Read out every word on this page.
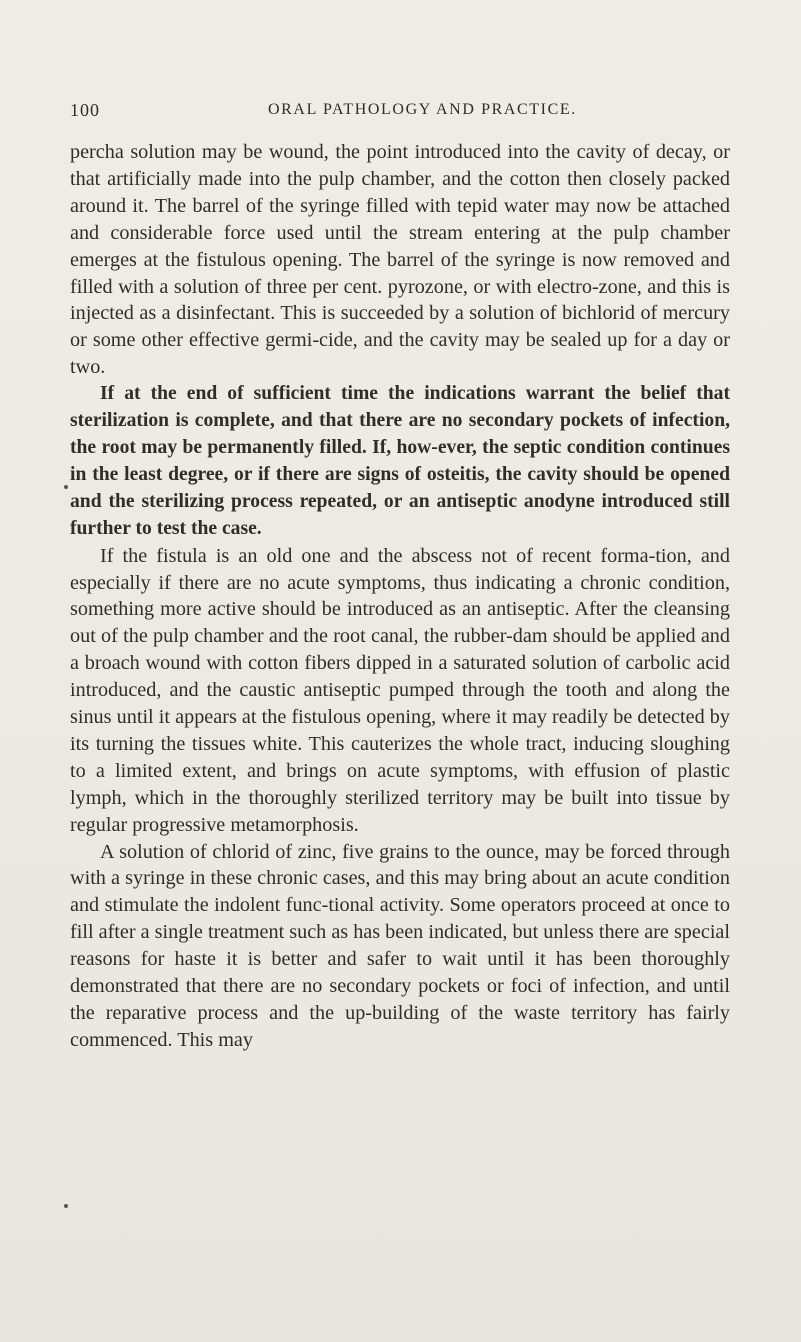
100	ORAL PATHOLOGY AND PRACTICE.

percha solution may be wound, the point introduced into the cavity of decay, or that artificially made into the pulp chamber, and the cotton then closely packed around it. The barrel of the syringe filled with tepid water may now be attached and considerable force used until the stream entering at the pulp chamber emerges at the fistulous opening. The barrel of the syringe is now removed and filled with a solution of three per cent. pyrozone, or with electro-zone, and this is injected as a disinfectant. This is succeeded by a solution of bichlorid of mercury or some other effective germi-cide, and the cavity may be sealed up for a day or two.

If at the end of sufficient time the indications warrant the belief that sterilization is complete, and that there are no secondary pockets of infection, the root may be permanently filled. If, how-ever, the septic condition continues in the least degree, or if there are signs of osteitis, the cavity should be opened and the sterilizing process repeated, or an antiseptic anodyne introduced still further to test the case.

If the fistula is an old one and the abscess not of recent forma-tion, and especially if there are no acute symptoms, thus indicating a chronic condition, something more active should be introduced as an antiseptic. After the cleansing out of the pulp chamber and the root canal, the rubber-dam should be applied and a broach wound with cotton fibers dipped in a saturated solution of carbolic acid introduced, and the caustic antiseptic pumped through the tooth and along the sinus until it appears at the fistulous opening, where it may readily be detected by its turning the tissues white. This cauterizes the whole tract, inducing sloughing to a limited extent, and brings on acute symptoms, with effusion of plastic lymph, which in the thoroughly sterilized territory may be built into tissue by regular progressive metamorphosis.

A solution of chlorid of zinc, five grains to the ounce, may be forced through with a syringe in these chronic cases, and this may bring about an acute condition and stimulate the indolent func-tional activity. Some operators proceed at once to fill after a single treatment such as has been indicated, but unless there are special reasons for haste it is better and safer to wait until it has been thoroughly demonstrated that there are no secondary pockets or foci of infection, and until the reparative process and the up-building of the waste territory has fairly commenced. This may
